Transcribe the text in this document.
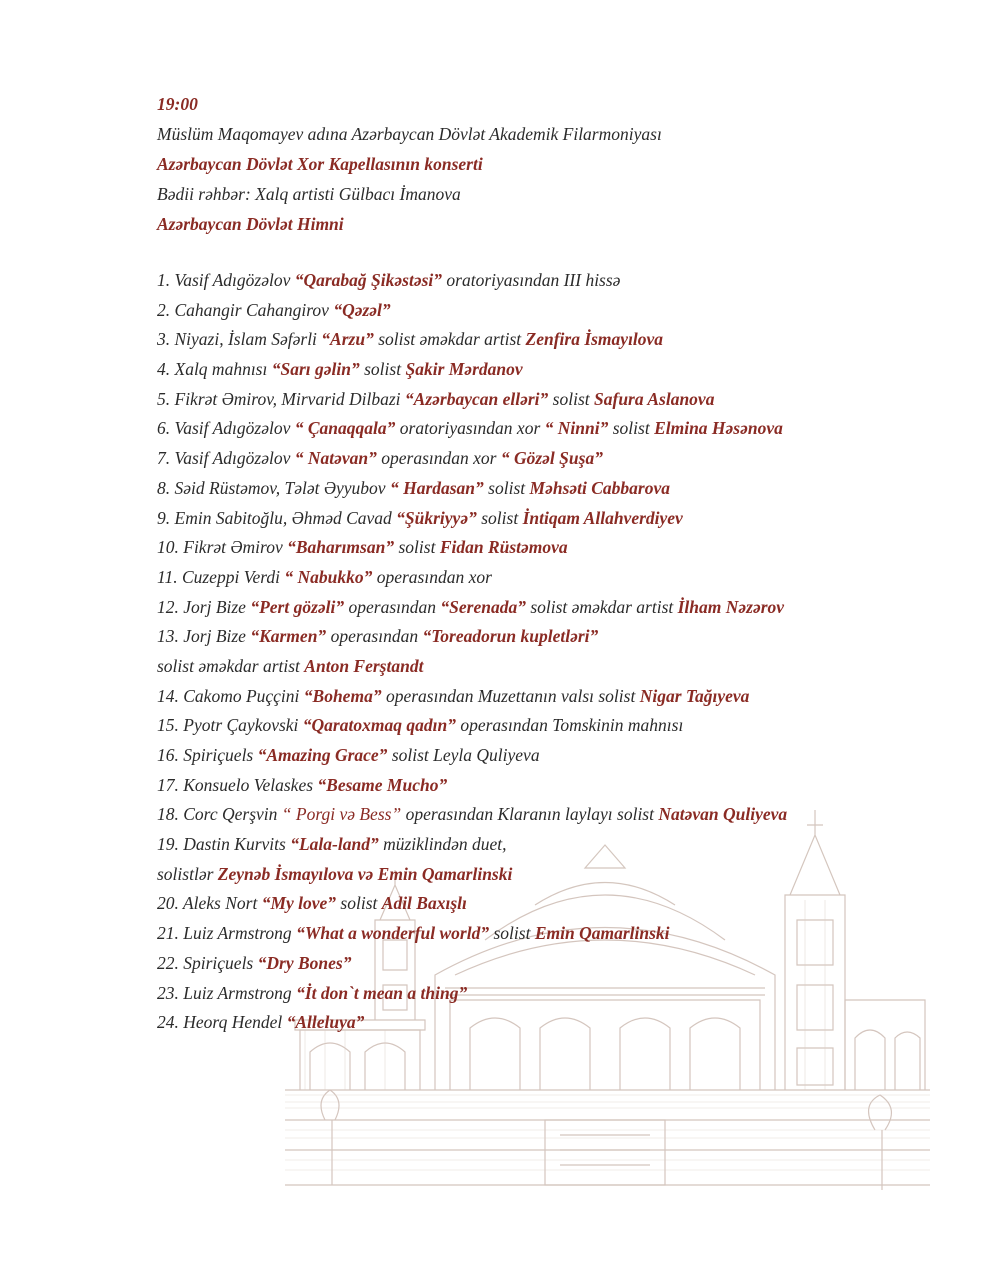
19:00
Müslüm Maqomayev adına Azərbaycan Dövlət Akademik Filarmoniyası
Azərbaycan Dövlət Xor Kapellasının konserti
Bədii rəhbər: Xalq artisti Gülbacı İmanova
Azərbaycan Dövlət Himni
1. Vasif Adıgözəlov “Qarabağ Şikəstəsi” oratoriyasından III hissə
2. Cahangir Cahangirov “Qəzəl”
3. Niyazi, İslam Səfərli “Arzu” solist əməkdar artist Zenfira İsmayılova
4. Xalq mahnısı “Sarı gəlin” solist Şakir Mərdanov
5. Fikrət Əmirov, Mirvarid Dilbazi “Azərbaycan elləri” solist Safura Aslanova
6. Vasif Adıgözəlov “ Çanaqqala” oratoriyasından xor “ Ninni” solist Elmina Həsənova
7. Vasif Adıgözəlov “ Natəvan” operasından xor “ Gözəl Şuşa”
8. Səid Rüstəmov, Tələt Əyyubov “ Hardasan” solist Məhsəti Cabbarova
9. Emin Sabitoğlu, Əhməd Cavad “Şükriyyə” solist İntiqam Allahverdiyev
10. Fikrət Əmirov “Baharımsan” solist Fidan Rüstəmova
11. Cuzeppi Verdi “ Nabukko” operasından xor
12. Jorj Bize “Pert gözəli” operasından “Serenada” solist əməkdar artist İlham Nəzərov
13. Jorj Bize “Karmen” operasından “Toreadorun kupletləri”
solist əməkdar artist Anton Ferştandt
14. Cakomo Puççini “Bohema” operasından Muzettanın valsı solist Nigar Tağıyeva
15. Pyotr Çaykovski “Qaratoxmaq qadın” operasından Tomskinin mahnısı
16. Spiriçuels “Amazing Grace” solist Leyla Quliyeva
17. Konsuelo Velaskes “Besame Mucho”
18. Corc Qerşvin “ Porgi və Bess” operasından Klaranın laylayı solist Natəvan Quliyeva
19. Dastin Kurvits “Lala-land” müziklindən duet,
solistlər Zeynəb İsmayılova və Emin Qamarlinski
20. Aleks Nort “My love” solist Adil Baxışlı
21. Luiz Armstrong “What a wonderful world” solist Emin Qamarlinski
22. Spiriçuels “Dry Bones”
23. Luiz Armstrong “İt don`t mean a thing”
24. Heorq Hendel “Alleluya”
